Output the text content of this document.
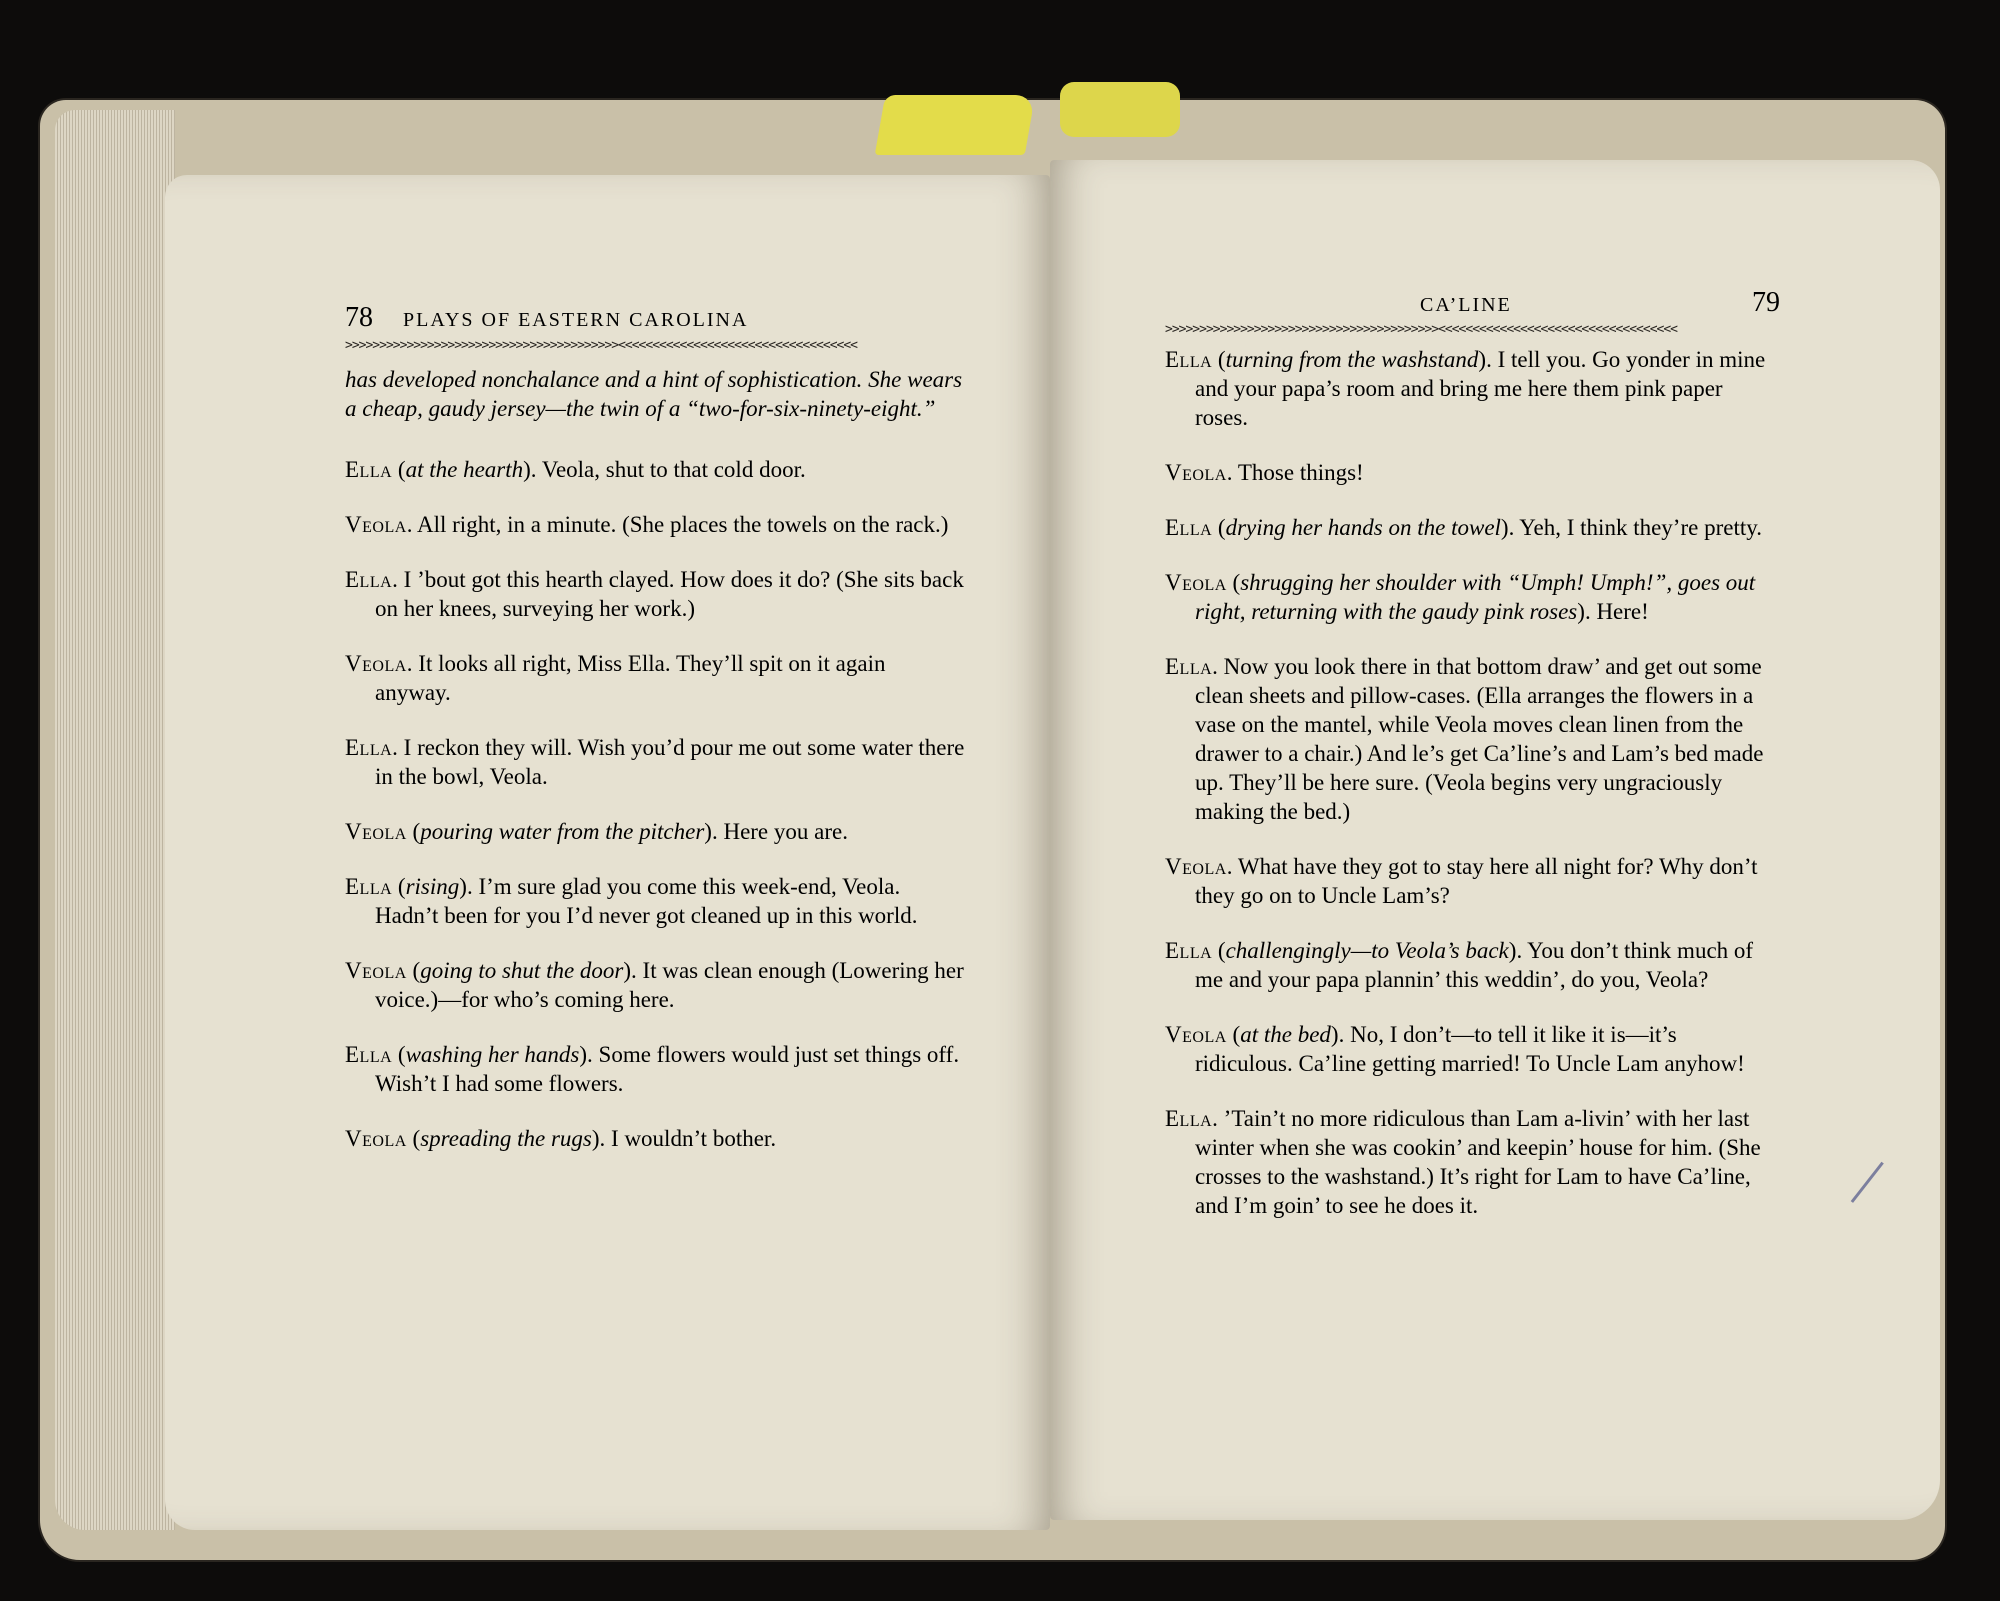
78 PLAYS OF EASTERN CAROLINA
>>>>>>>>>>>>>>>>>>>>>>>>>>>>>>>>>>>>>>>><<<<<<<<<<<<<<<<<<<<<<<<<<<<<<<<<<<

has developed nonchalance and a hint of sophistication. She wears a cheap, gaudy jersey—the twin of a “two-for-six-ninety-eight.”

Ella (at the hearth). Veola, shut to that cold door.

Veola. All right, in a minute. (She places the towels on the rack.)

Ella. I ’bout got this hearth clayed. How does it do? (She sits back on her knees, surveying her work.)

Veola. It looks all right, Miss Ella. They’ll spit on it again anyway.

Ella. I reckon they will. Wish you’d pour me out some water there in the bowl, Veola.

Veola (pouring water from the pitcher). Here you are.

Ella (rising). I’m sure glad you come this week-end, Veola. Hadn’t been for you I’d never got cleaned up in this world.

Veola (going to shut the door). It was clean enough (Lowering her voice.)—for who’s coming here.

Ella (washing her hands). Some flowers would just set things off. Wish’t I had some flowers.

Veola (spreading the rugs). I wouldn’t bother.

CA’LINE	79
>>>>>>>>>>>>>>>>>>>>>>>>>>>>>>>>>>>>>>>><<<<<<<<<<<<<<<<<<<<<<<<<<<<<<<<<<<

Ella (turning from the washstand). I tell you. Go yonder in mine and your papa’s room and bring me here them pink paper roses.

Veola. Those things!

Ella (drying her hands on the towel). Yeh, I think they’re pretty.

Veola (shrugging her shoulder with “Umph! Umph!”, goes out right, returning with the gaudy pink roses). Here!

Ella. Now you look there in that bottom draw’ and get out some clean sheets and pillow-cases. (Ella arranges the flowers in a vase on the mantel, while Veola moves clean linen from the drawer to a chair.) And le’s get Ca’line’s and Lam’s bed made up. They’ll be here sure. (Veola begins very ungraciously making the bed.)

Veola. What have they got to stay here all night for? Why don’t they go on to Uncle Lam’s?

Ella (challengingly—to Veola’s back). You don’t think much of me and your papa plannin’ this weddin’, do you, Veola?

Veola (at the bed). No, I don’t—to tell it like it is—it’s ridiculous. Ca’line getting married! To Uncle Lam anyhow!

Ella. ’Tain’t no more ridiculous than Lam a-livin’ with her last winter when she was cookin’ and keepin’ house for him. (She crosses to the washstand.) It’s right for Lam to have Ca’line, and I’m goin’ to see he does it.
